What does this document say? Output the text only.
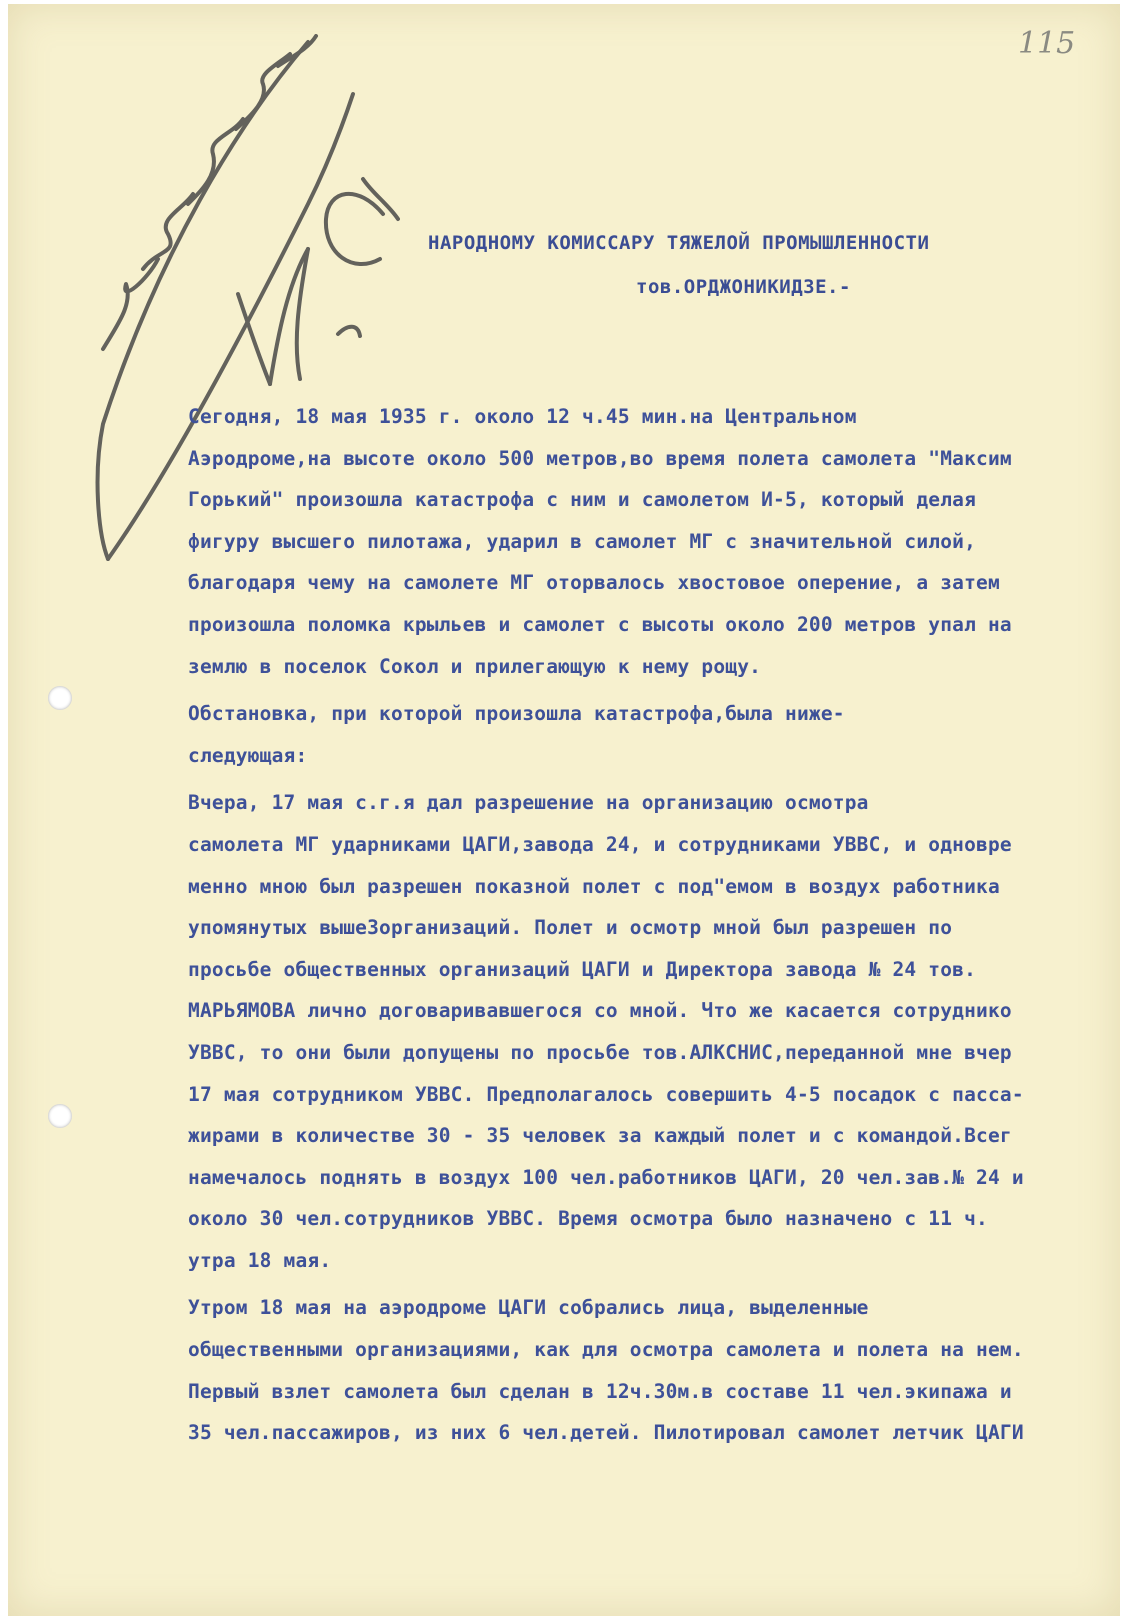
115
НАРОДНОМУ КОМИССАРУ ТЯЖЕЛОЙ ПРОМЫШЛЕННОСТИ
тов.ОРДЖОНИКИДЗЕ.-
Сегодня, 18 мая 1935 г. около 12 ч.45 мин.на Центральном
Аэродроме,на высоте около 500 метров,во время полета самолета "Максим
Горький" произошла катастрофа с ним и самолетом И-5, который делая
фигуру высшего пилотажа, ударил в самолет МГ с значительной силой,
благодаря чему на самолете МГ оторвалось хвостовое оперение, а затем
произошла поломка крыльев и самолет с высоты около 200 метров упал на
землю в поселок Сокол и прилегающую к нему рощу.
Обстановка, при которой произошла катастрофа,была ниже-
следующая:
Вчера, 17 мая с.г.я дал разрешение на организацию осмотра
самолета МГ ударниками ЦАГИ,завода 24, и сотрудниками УВВС, и одновре
менно мною был разрешен показной полет с под"емом в воздух работника
упомянутых выше3организаций. Полет и осмотр мной был разрешен по
просьбе общественных организаций ЦАГИ и Директора завода № 24 тов.
МАРЬЯМОВА лично договаривавшегося со мной. Что же касается сотруднико
УВВС, то они были допущены по просьбе тов.АЛКСНИС,переданной мне вчер
17 мая сотрудником УВВС. Предполагалось совершить 4-5 посадок с пасса-
жирами в количестве 30 - 35 человек за каждый полет и с командой.Всег
намечалось поднять в воздух 100 чел.работников ЦАГИ, 20 чел.зав.№ 24 и
около 30 чел.сотрудников УВВС. Время осмотра было назначено с 11 ч.
утра 18 мая.
Утром 18 мая на аэродроме ЦАГИ собрались лица, выделенные
общественными организациями, как для осмотра самолета и полета на нем.
Первый взлет самолета был сделан в 12ч.30м.в составе 11 чел.экипажа и
35 чел.пассажиров, из них 6 чел.детей. Пилотировал самолет летчик ЦАГИ
